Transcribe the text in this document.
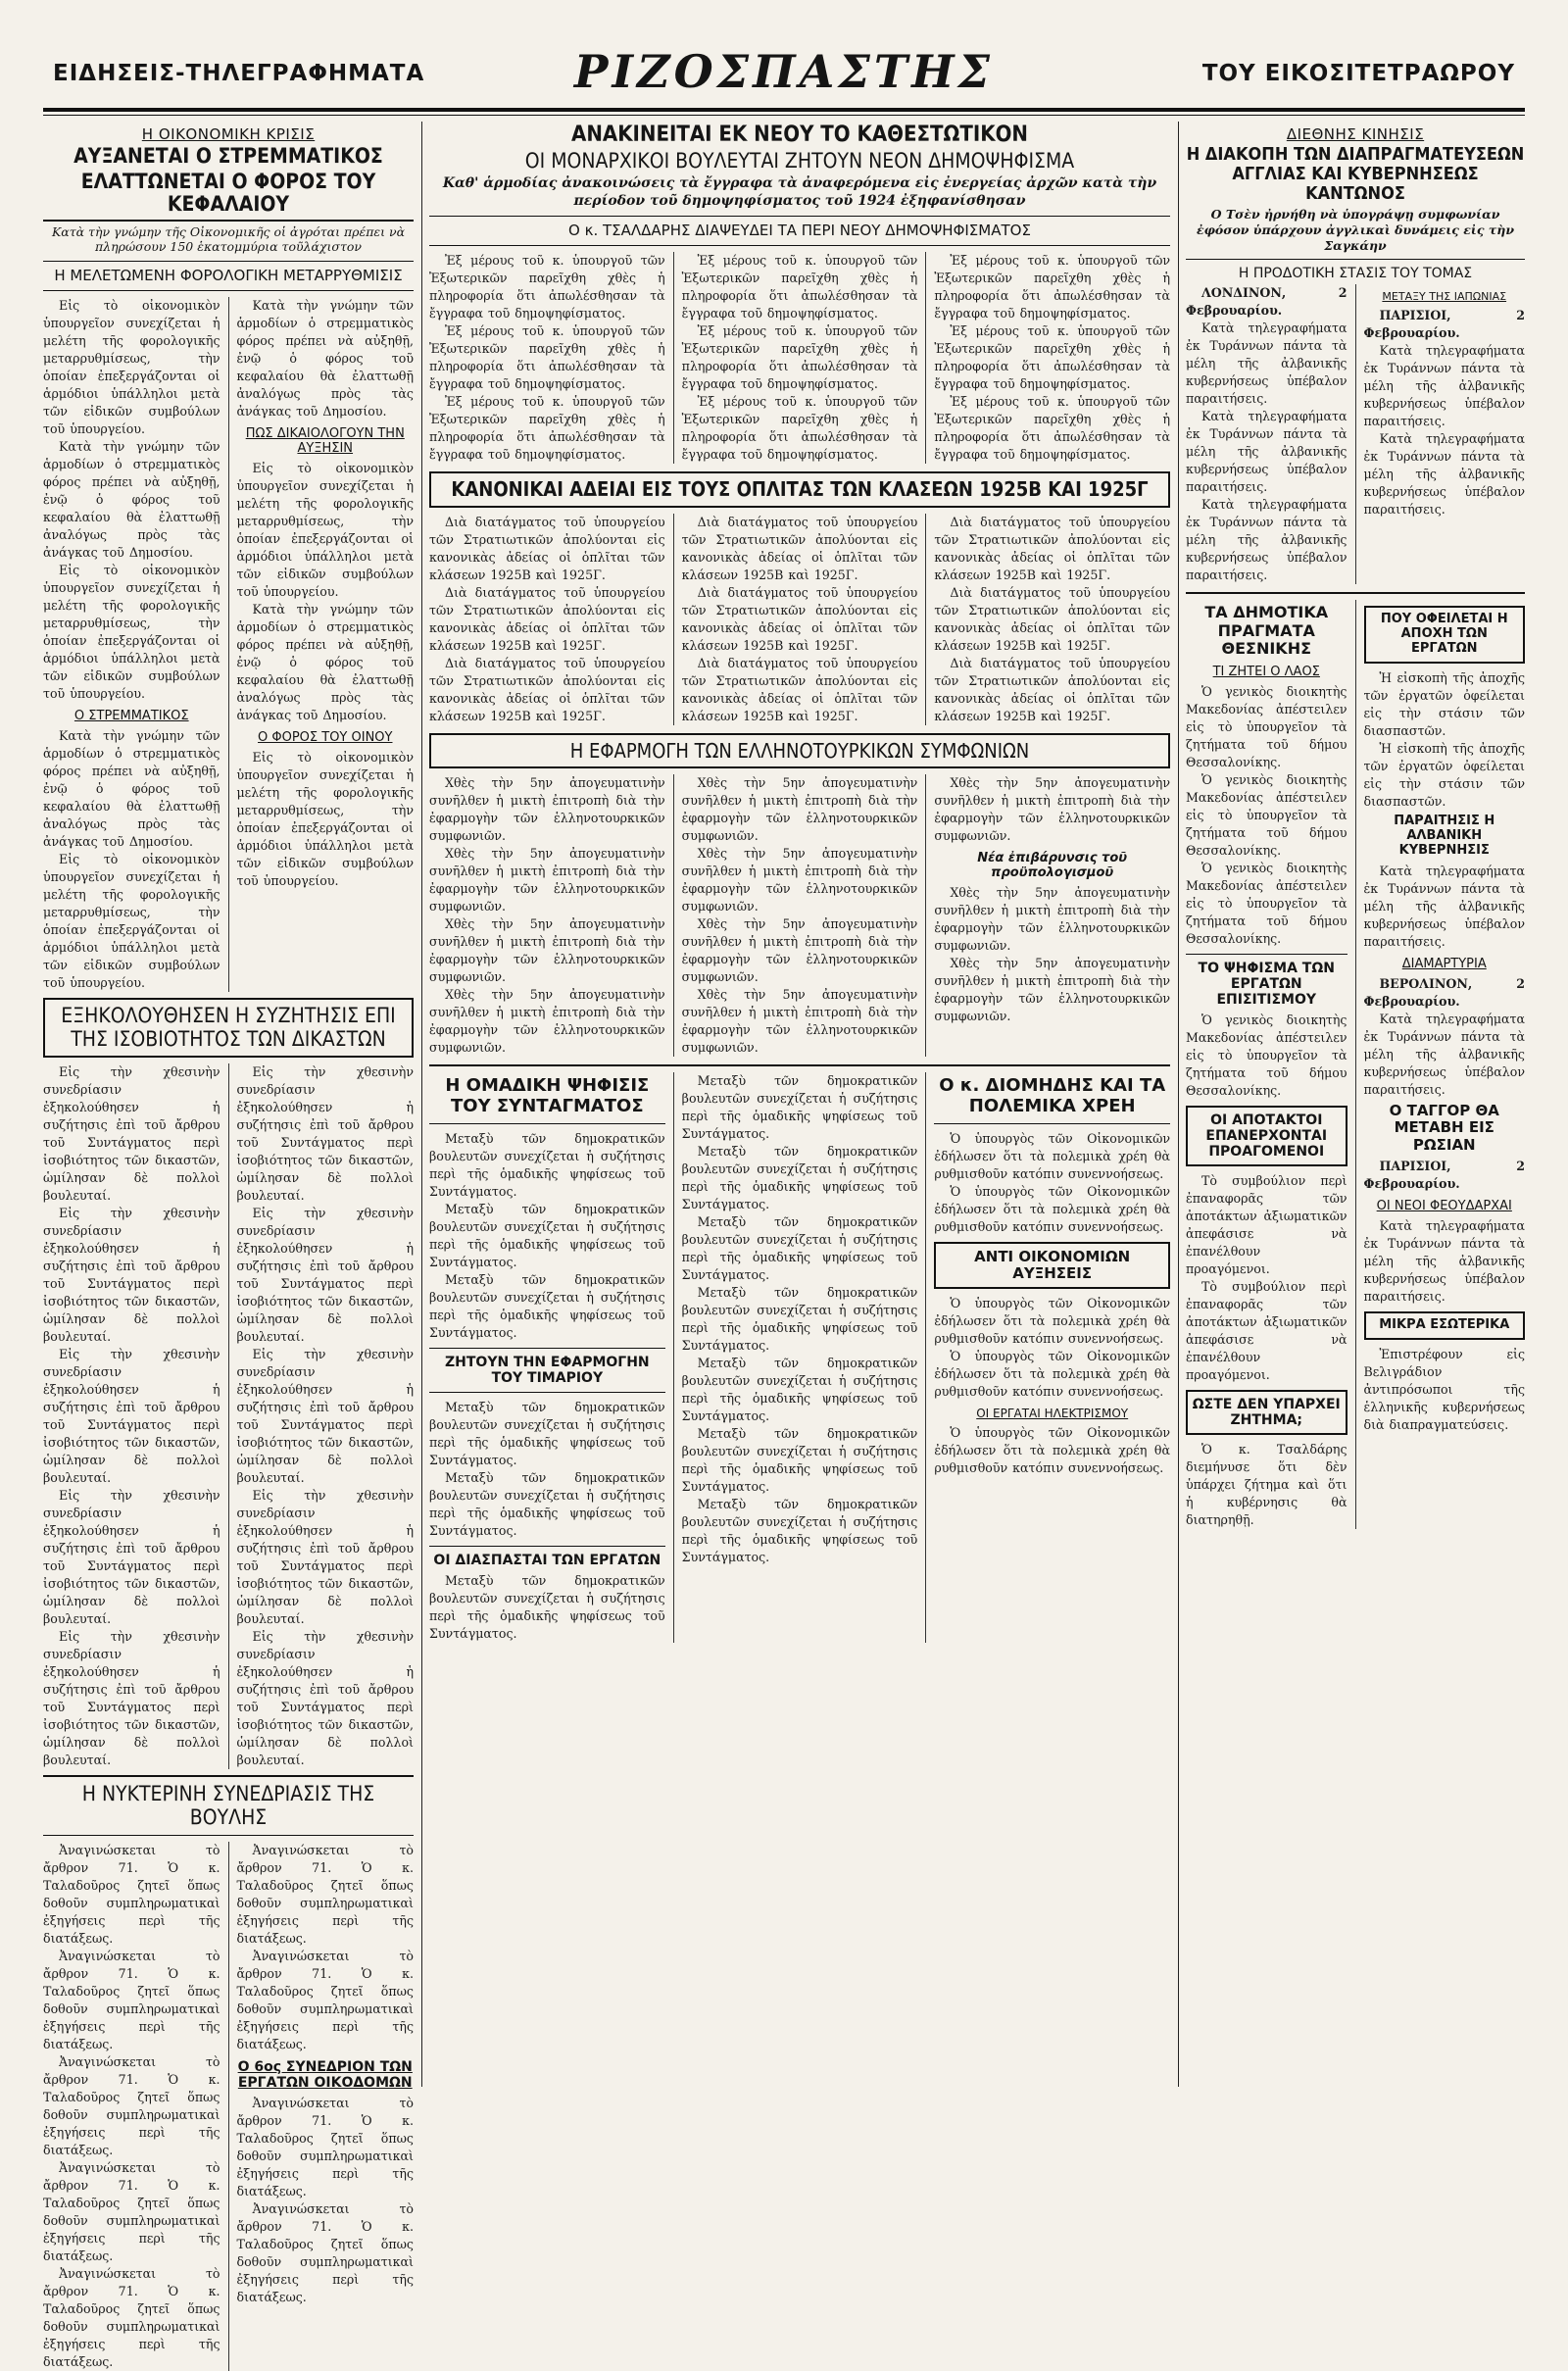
ΕΙΔΗΣΕΙΣ-ΤΗΛΕΓΡΑΦΗΜΑΤΑ	ΡΙΖΟΣΠΑΣΤΗΣ	ΤΟΥ ΕΙΚΟΣΙΤΕΤΡΑΩΡΟΥ
Η ΟΙΚΟΝΟΜΙΚΗ ΚΡΙΣΙΣ
ΑΥΞΑΝΕΤΑΙ Ο ΣΤΡΕΜΜΑΤΙΚΟΣ
ΕΛΑΤΤΩΝΕΤΑΙ Ο ΦΟΡΟΣ ΤΟΥ ΚΕΦΑΛΑΙΟΥ
Κατὰ τὴν γνώμην τῆς Οἰκονομικῆς οἱ ἀγρόται πρέπει νὰ πληρώσουν 150 ἑκατομμύρια τοῦλάχιστον
Η ΜΕΛΕΤΩΜΕΝΗ ΦΟΡΟΛΟΓΙΚΗ ΜΕΤΑΡΡΥΘΜΙΣΙΣ

Εἰς τὸ οἰκονομικὸν ὑπουργεῖον συνεχίζεται ἡ μελέτη τῆς φορολογικῆς μεταρρυθμίσεως, τὴν ὁποίαν ἐπεξεργάζονται οἱ ἁρμόδιοι ὑπάλληλοι μετὰ τῶν εἰδικῶν συμβούλων τοῦ ὑπουργείου.

Κατὰ τὴν γνώμην τῶν ἁρμοδίων ὁ στρεμματικὸς φόρος πρέπει νὰ αὐξηθῇ, ἐνῷ ὁ φόρος τοῦ κεφαλαίου θὰ ἐλαττωθῇ ἀναλόγως πρὸς τὰς ἀνάγκας τοῦ Δημοσίου.

Εἰς τὸ οἰκονομικὸν ὑπουργεῖον συνεχίζεται ἡ μελέτη τῆς φορολογικῆς μεταρρυθμίσεως, τὴν ὁποίαν ἐπεξεργάζονται οἱ ἁρμόδιοι ὑπάλληλοι μετὰ τῶν εἰδικῶν συμβούλων τοῦ ὑπουργείου.

Ο ΣΤΡΕΜΜΑΤΙΚΟΣ

Κατὰ τὴν γνώμην τῶν ἁρμοδίων ὁ στρεμματικὸς φόρος πρέπει νὰ αὐξηθῇ, ἐνῷ ὁ φόρος τοῦ κεφαλαίου θὰ ἐλαττωθῇ ἀναλόγως πρὸς τὰς ἀνάγκας τοῦ Δημοσίου.

Εἰς τὸ οἰκονομικὸν ὑπουργεῖον συνεχίζεται ἡ μελέτη τῆς φορολογικῆς μεταρρυθμίσεως, τὴν ὁποίαν ἐπεξεργάζονται οἱ ἁρμόδιοι ὑπάλληλοι μετὰ τῶν εἰδικῶν συμβούλων τοῦ ὑπουργείου.

Κατὰ τὴν γνώμην τῶν ἁρμοδίων ὁ στρεμματικὸς φόρος πρέπει νὰ αὐξηθῇ, ἐνῷ ὁ φόρος τοῦ κεφαλαίου θὰ ἐλαττωθῇ ἀναλόγως πρὸς τὰς ἀνάγκας τοῦ Δημοσίου.

ΠΩΣ ΔΙΚΑΙΟΛΟΓΟΥΝ ΤΗΝ ΑΥΞΗΣΙΝ

Εἰς τὸ οἰκονομικὸν ὑπουργεῖον συνεχίζεται ἡ μελέτη τῆς φορολογικῆς μεταρρυθμίσεως, τὴν ὁποίαν ἐπεξεργάζονται οἱ ἁρμόδιοι ὑπάλληλοι μετὰ τῶν εἰδικῶν συμβούλων τοῦ ὑπουργείου.

Κατὰ τὴν γνώμην τῶν ἁρμοδίων ὁ στρεμματικὸς φόρος πρέπει νὰ αὐξηθῇ, ἐνῷ ὁ φόρος τοῦ κεφαλαίου θὰ ἐλαττωθῇ ἀναλόγως πρὸς τὰς ἀνάγκας τοῦ Δημοσίου.

Ο ΦΟΡΟΣ ΤΟΥ ΟΙΝΟΥ

Εἰς τὸ οἰκονομικὸν ὑπουργεῖον συνεχίζεται ἡ μελέτη τῆς φορολογικῆς μεταρρυθμίσεως, τὴν ὁποίαν ἐπεξεργάζονται οἱ ἁρμόδιοι ὑπάλληλοι μετὰ τῶν εἰδικῶν συμβούλων τοῦ ὑπουργείου.

ΕΞΗΚΟΛΟΥΘΗΣΕΝ Η ΣΥΖΗΤΗΣΙΣ ΕΠΙ ΤΗΣ ΙΣΟΒΙΟΤΗΤΟΣ ΤΩΝ ΔΙΚΑΣΤΩΝ

Εἰς τὴν χθεσινὴν συνεδρίασιν ἐξηκολούθησεν ἡ συζήτησις ἐπὶ τοῦ ἄρθρου τοῦ Συντάγματος περὶ ἰσοβιότητος τῶν δικαστῶν, ὡμίλησαν δὲ πολλοὶ βουλευταί.

Εἰς τὴν χθεσινὴν συνεδρίασιν ἐξηκολούθησεν ἡ συζήτησις ἐπὶ τοῦ ἄρθρου τοῦ Συντάγματος περὶ ἰσοβιότητος τῶν δικαστῶν, ὡμίλησαν δὲ πολλοὶ βουλευταί.

Εἰς τὴν χθεσινὴν συνεδρίασιν ἐξηκολούθησεν ἡ συζήτησις ἐπὶ τοῦ ἄρθρου τοῦ Συντάγματος περὶ ἰσοβιότητος τῶν δικαστῶν, ὡμίλησαν δὲ πολλοὶ βουλευταί.

Εἰς τὴν χθεσινὴν συνεδρίασιν ἐξηκολούθησεν ἡ συζήτησις ἐπὶ τοῦ ἄρθρου τοῦ Συντάγματος περὶ ἰσοβιότητος τῶν δικαστῶν, ὡμίλησαν δὲ πολλοὶ βουλευταί.

Εἰς τὴν χθεσινὴν συνεδρίασιν ἐξηκολούθησεν ἡ συζήτησις ἐπὶ τοῦ ἄρθρου τοῦ Συντάγματος περὶ ἰσοβιότητος τῶν δικαστῶν, ὡμίλησαν δὲ πολλοὶ βουλευταί.

Εἰς τὴν χθεσινὴν συνεδρίασιν ἐξηκολούθησεν ἡ συζήτησις ἐπὶ τοῦ ἄρθρου τοῦ Συντάγματος περὶ ἰσοβιότητος τῶν δικαστῶν, ὡμίλησαν δὲ πολλοὶ βουλευταί.

Εἰς τὴν χθεσινὴν συνεδρίασιν ἐξηκολούθησεν ἡ συζήτησις ἐπὶ τοῦ ἄρθρου τοῦ Συντάγματος περὶ ἰσοβιότητος τῶν δικαστῶν, ὡμίλησαν δὲ πολλοὶ βουλευταί.

Εἰς τὴν χθεσινὴν συνεδρίασιν ἐξηκολούθησεν ἡ συζήτησις ἐπὶ τοῦ ἄρθρου τοῦ Συντάγματος περὶ ἰσοβιότητος τῶν δικαστῶν, ὡμίλησαν δὲ πολλοὶ βουλευταί.

Εἰς τὴν χθεσινὴν συνεδρίασιν ἐξηκολούθησεν ἡ συζήτησις ἐπὶ τοῦ ἄρθρου τοῦ Συντάγματος περὶ ἰσοβιότητος τῶν δικαστῶν, ὡμίλησαν δὲ πολλοὶ βουλευταί.

Εἰς τὴν χθεσινὴν συνεδρίασιν ἐξηκολούθησεν ἡ συζήτησις ἐπὶ τοῦ ἄρθρου τοῦ Συντάγματος περὶ ἰσοβιότητος τῶν δικαστῶν, ὡμίλησαν δὲ πολλοὶ βουλευταί.

Η ΝΥΚΤΕΡΙΝΗ ΣΥΝΕΔΡΙΑΣΙΣ ΤΗΣ ΒΟΥΛΗΣ

Ἀναγινώσκεται τὸ ἄρθρον 71. Ὁ κ. Ταλαδοῦρος ζητεῖ ὅπως δοθοῦν συμπληρωματικαὶ ἐξηγήσεις περὶ τῆς διατάξεως.

Ἀναγινώσκεται τὸ ἄρθρον 71. Ὁ κ. Ταλαδοῦρος ζητεῖ ὅπως δοθοῦν συμπληρωματικαὶ ἐξηγήσεις περὶ τῆς διατάξεως.

Ἀναγινώσκεται τὸ ἄρθρον 71. Ὁ κ. Ταλαδοῦρος ζητεῖ ὅπως δοθοῦν συμπληρωματικαὶ ἐξηγήσεις περὶ τῆς διατάξεως.

Ἀναγινώσκεται τὸ ἄρθρον 71. Ὁ κ. Ταλαδοῦρος ζητεῖ ὅπως δοθοῦν συμπληρωματικαὶ ἐξηγήσεις περὶ τῆς διατάξεως.

Ἀναγινώσκεται τὸ ἄρθρον 71. Ὁ κ. Ταλαδοῦρος ζητεῖ ὅπως δοθοῦν συμπληρωματικαὶ ἐξηγήσεις περὶ τῆς διατάξεως.

Ἀναγινώσκεται τὸ ἄρθρον 71. Ὁ κ. Ταλαδοῦρος ζητεῖ ὅπως δοθοῦν συμπληρωματικαὶ ἐξηγήσεις περὶ τῆς διατάξεως.

Ἀναγινώσκεται τὸ ἄρθρον 71. Ὁ κ. Ταλαδοῦρος ζητεῖ ὅπως δοθοῦν συμπληρωματικαὶ ἐξηγήσεις περὶ τῆς διατάξεως.

Ο 6ος ΣΥΝΕΔΡΙΟΝ ΤΩΝ ΕΡΓΑΤΩΝ ΟΙΚΟΔΟΜΩΝ

Ἀναγινώσκεται τὸ ἄρθρον 71. Ὁ κ. Ταλαδοῦρος ζητεῖ ὅπως δοθοῦν συμπληρωματικαὶ ἐξηγήσεις περὶ τῆς διατάξεως.

Ἀναγινώσκεται τὸ ἄρθρον 71. Ὁ κ. Ταλαδοῦρος ζητεῖ ὅπως δοθοῦν συμπληρωματικαὶ ἐξηγήσεις περὶ τῆς διατάξεως.

ΑΝΑΚΙΝΕΙΤΑΙ ΕΚ ΝΕΟΥ ΤΟ ΚΑΘΕΣΤΩΤΙΚΟΝ
ΟΙ ΜΟΝΑΡΧΙΚΟΙ ΒΟΥΛΕΥΤΑΙ ΖΗΤΟΥΝ ΝΕΟΝ ΔΗΜΟΨΗΦΙΣΜΑ
Καθ' ἁρμοδίας ἀνακοινώσεις τὰ ἔγγραφα τὰ ἀναφερόμενα εἰς ἐνεργείας ἀρχῶν κατὰ τὴν περίοδον τοῦ δημοψηφίσματος τοῦ 1924 ἐξηφανίσθησαν
Ο κ. ΤΣΑΛΔΑΡΗΣ ΔΙΑΨΕΥΔΕΙ ΤΑ ΠΕΡΙ ΝΕΟΥ ΔΗΜΟΨΗΦΙΣΜΑΤΟΣ

Ἐξ μέρους τοῦ κ. ὑπουργοῦ τῶν Ἐξωτερικῶν παρεῖχθη χθὲς ἡ πληροφορία ὅτι ἀπωλέσθησαν τὰ ἔγγραφα τοῦ δημοψηφίσματος.

Ἐξ μέρους τοῦ κ. ὑπουργοῦ τῶν Ἐξωτερικῶν παρεῖχθη χθὲς ἡ πληροφορία ὅτι ἀπωλέσθησαν τὰ ἔγγραφα τοῦ δημοψηφίσματος.

Ἐξ μέρους τοῦ κ. ὑπουργοῦ τῶν Ἐξωτερικῶν παρεῖχθη χθὲς ἡ πληροφορία ὅτι ἀπωλέσθησαν τὰ ἔγγραφα τοῦ δημοψηφίσματος.

Ἐξ μέρους τοῦ κ. ὑπουργοῦ τῶν Ἐξωτερικῶν παρεῖχθη χθὲς ἡ πληροφορία ὅτι ἀπωλέσθησαν τὰ ἔγγραφα τοῦ δημοψηφίσματος.

Ἐξ μέρους τοῦ κ. ὑπουργοῦ τῶν Ἐξωτερικῶν παρεῖχθη χθὲς ἡ πληροφορία ὅτι ἀπωλέσθησαν τὰ ἔγγραφα τοῦ δημοψηφίσματος.

Ἐξ μέρους τοῦ κ. ὑπουργοῦ τῶν Ἐξωτερικῶν παρεῖχθη χθὲς ἡ πληροφορία ὅτι ἀπωλέσθησαν τὰ ἔγγραφα τοῦ δημοψηφίσματος.

Ἐξ μέρους τοῦ κ. ὑπουργοῦ τῶν Ἐξωτερικῶν παρεῖχθη χθὲς ἡ πληροφορία ὅτι ἀπωλέσθησαν τὰ ἔγγραφα τοῦ δημοψηφίσματος.

Ἐξ μέρους τοῦ κ. ὑπουργοῦ τῶν Ἐξωτερικῶν παρεῖχθη χθὲς ἡ πληροφορία ὅτι ἀπωλέσθησαν τὰ ἔγγραφα τοῦ δημοψηφίσματος.

Ἐξ μέρους τοῦ κ. ὑπουργοῦ τῶν Ἐξωτερικῶν παρεῖχθη χθὲς ἡ πληροφορία ὅτι ἀπωλέσθησαν τὰ ἔγγραφα τοῦ δημοψηφίσματος.

ΚΑΝΟΝΙΚΑΙ ΑΔΕΙΑΙ ΕΙΣ ΤΟΥΣ ΟΠΛΙΤΑΣ ΤΩΝ ΚΛΑΣΕΩΝ 1925Β ΚΑΙ 1925Γ

Διὰ διατάγματος τοῦ ὑπουργείου τῶν Στρατιωτικῶν ἀπολύονται εἰς κανονικὰς ἀδείας οἱ ὁπλῖται τῶν κλάσεων 1925Β καὶ 1925Γ.

Διὰ διατάγματος τοῦ ὑπουργείου τῶν Στρατιωτικῶν ἀπολύονται εἰς κανονικὰς ἀδείας οἱ ὁπλῖται τῶν κλάσεων 1925Β καὶ 1925Γ.

Διὰ διατάγματος τοῦ ὑπουργείου τῶν Στρατιωτικῶν ἀπολύονται εἰς κανονικὰς ἀδείας οἱ ὁπλῖται τῶν κλάσεων 1925Β καὶ 1925Γ.

Διὰ διατάγματος τοῦ ὑπουργείου τῶν Στρατιωτικῶν ἀπολύονται εἰς κανονικὰς ἀδείας οἱ ὁπλῖται τῶν κλάσεων 1925Β καὶ 1925Γ.

Διὰ διατάγματος τοῦ ὑπουργείου τῶν Στρατιωτικῶν ἀπολύονται εἰς κανονικὰς ἀδείας οἱ ὁπλῖται τῶν κλάσεων 1925Β καὶ 1925Γ.

Διὰ διατάγματος τοῦ ὑπουργείου τῶν Στρατιωτικῶν ἀπολύονται εἰς κανονικὰς ἀδείας οἱ ὁπλῖται τῶν κλάσεων 1925Β καὶ 1925Γ.

Διὰ διατάγματος τοῦ ὑπουργείου τῶν Στρατιωτικῶν ἀπολύονται εἰς κανονικὰς ἀδείας οἱ ὁπλῖται τῶν κλάσεων 1925Β καὶ 1925Γ.

Διὰ διατάγματος τοῦ ὑπουργείου τῶν Στρατιωτικῶν ἀπολύονται εἰς κανονικὰς ἀδείας οἱ ὁπλῖται τῶν κλάσεων 1925Β καὶ 1925Γ.

Διὰ διατάγματος τοῦ ὑπουργείου τῶν Στρατιωτικῶν ἀπολύονται εἰς κανονικὰς ἀδείας οἱ ὁπλῖται τῶν κλάσεων 1925Β καὶ 1925Γ.

Η ΕΦΑΡΜΟΓΗ ΤΩΝ ΕΛΛΗΝΟΤΟΥΡΚΙΚΩΝ ΣΥΜΦΩΝΙΩΝ

Χθὲς τὴν 5ην ἀπογευματινὴν συνῆλθεν ἡ μικτὴ ἐπιτροπὴ διὰ τὴν ἐφαρμογὴν τῶν ἑλληνοτουρκικῶν συμφωνιῶν.

Χθὲς τὴν 5ην ἀπογευματινὴν συνῆλθεν ἡ μικτὴ ἐπιτροπὴ διὰ τὴν ἐφαρμογὴν τῶν ἑλληνοτουρκικῶν συμφωνιῶν.

Χθὲς τὴν 5ην ἀπογευματινὴν συνῆλθεν ἡ μικτὴ ἐπιτροπὴ διὰ τὴν ἐφαρμογὴν τῶν ἑλληνοτουρκικῶν συμφωνιῶν.

Χθὲς τὴν 5ην ἀπογευματινὴν συνῆλθεν ἡ μικτὴ ἐπιτροπὴ διὰ τὴν ἐφαρμογὴν τῶν ἑλληνοτουρκικῶν συμφωνιῶν.

Χθὲς τὴν 5ην ἀπογευματινὴν συνῆλθεν ἡ μικτὴ ἐπιτροπὴ διὰ τὴν ἐφαρμογὴν τῶν ἑλληνοτουρκικῶν συμφωνιῶν.

Χθὲς τὴν 5ην ἀπογευματινὴν συνῆλθεν ἡ μικτὴ ἐπιτροπὴ διὰ τὴν ἐφαρμογὴν τῶν ἑλληνοτουρκικῶν συμφωνιῶν.

Χθὲς τὴν 5ην ἀπογευματινὴν συνῆλθεν ἡ μικτὴ ἐπιτροπὴ διὰ τὴν ἐφαρμογὴν τῶν ἑλληνοτουρκικῶν συμφωνιῶν.

Χθὲς τὴν 5ην ἀπογευματινὴν συνῆλθεν ἡ μικτὴ ἐπιτροπὴ διὰ τὴν ἐφαρμογὴν τῶν ἑλληνοτουρκικῶν συμφωνιῶν.

Χθὲς τὴν 5ην ἀπογευματινὴν συνῆλθεν ἡ μικτὴ ἐπιτροπὴ διὰ τὴν ἐφαρμογὴν τῶν ἑλληνοτουρκικῶν συμφωνιῶν.

Νέα ἐπιβάρυνσις τοῦ προϋπολογισμοῦ

Χθὲς τὴν 5ην ἀπογευματινὴν συνῆλθεν ἡ μικτὴ ἐπιτροπὴ διὰ τὴν ἐφαρμογὴν τῶν ἑλληνοτουρκικῶν συμφωνιῶν.

Χθὲς τὴν 5ην ἀπογευματινὴν συνῆλθεν ἡ μικτὴ ἐπιτροπὴ διὰ τὴν ἐφαρμογὴν τῶν ἑλληνοτουρκικῶν συμφωνιῶν.

Η ΟΜΑΔΙΚΗ ΨΗΦΙΣΙΣ ΤΟΥ ΣΥΝΤΑΓΜΑΤΟΣ

Μεταξὺ τῶν δημοκρατικῶν βουλευτῶν συνεχίζεται ἡ συζήτησις περὶ τῆς ὁμαδικῆς ψηφίσεως τοῦ Συντάγματος.

Μεταξὺ τῶν δημοκρατικῶν βουλευτῶν συνεχίζεται ἡ συζήτησις περὶ τῆς ὁμαδικῆς ψηφίσεως τοῦ Συντάγματος.

Μεταξὺ τῶν δημοκρατικῶν βουλευτῶν συνεχίζεται ἡ συζήτησις περὶ τῆς ὁμαδικῆς ψηφίσεως τοῦ Συντάγματος.

ΖΗΤΟΥΝ ΤΗΝ ΕΦΑΡΜΟΓΗΝ ΤΟΥ ΤΙΜΑΡΙΟΥ

Μεταξὺ τῶν δημοκρατικῶν βουλευτῶν συνεχίζεται ἡ συζήτησις περὶ τῆς ὁμαδικῆς ψηφίσεως τοῦ Συντάγματος.

Μεταξὺ τῶν δημοκρατικῶν βουλευτῶν συνεχίζεται ἡ συζήτησις περὶ τῆς ὁμαδικῆς ψηφίσεως τοῦ Συντάγματος.

ΟΙ ΔΙΑΣΠΑΣΤΑΙ ΤΩΝ ΕΡΓΑΤΩΝ

Μεταξὺ τῶν δημοκρατικῶν βουλευτῶν συνεχίζεται ἡ συζήτησις περὶ τῆς ὁμαδικῆς ψηφίσεως τοῦ Συντάγματος.

Μεταξὺ τῶν δημοκρατικῶν βουλευτῶν συνεχίζεται ἡ συζήτησις περὶ τῆς ὁμαδικῆς ψηφίσεως τοῦ Συντάγματος.

Μεταξὺ τῶν δημοκρατικῶν βουλευτῶν συνεχίζεται ἡ συζήτησις περὶ τῆς ὁμαδικῆς ψηφίσεως τοῦ Συντάγματος.

Μεταξὺ τῶν δημοκρατικῶν βουλευτῶν συνεχίζεται ἡ συζήτησις περὶ τῆς ὁμαδικῆς ψηφίσεως τοῦ Συντάγματος.

Μεταξὺ τῶν δημοκρατικῶν βουλευτῶν συνεχίζεται ἡ συζήτησις περὶ τῆς ὁμαδικῆς ψηφίσεως τοῦ Συντάγματος.

Μεταξὺ τῶν δημοκρατικῶν βουλευτῶν συνεχίζεται ἡ συζήτησις περὶ τῆς ὁμαδικῆς ψηφίσεως τοῦ Συντάγματος.

Μεταξὺ τῶν δημοκρατικῶν βουλευτῶν συνεχίζεται ἡ συζήτησις περὶ τῆς ὁμαδικῆς ψηφίσεως τοῦ Συντάγματος.

Μεταξὺ τῶν δημοκρατικῶν βουλευτῶν συνεχίζεται ἡ συζήτησις περὶ τῆς ὁμαδικῆς ψηφίσεως τοῦ Συντάγματος.

Ο κ. ΔΙΟΜΗΔΗΣ ΚΑΙ ΤΑ ΠΟΛΕΜΙΚΑ ΧΡΕΗ

Ὁ ὑπουργὸς τῶν Οἰκονομικῶν ἐδήλωσεν ὅτι τὰ πολεμικὰ χρέη θὰ ρυθμισθοῦν κατόπιν συνεννοήσεως.

Ὁ ὑπουργὸς τῶν Οἰκονομικῶν ἐδήλωσεν ὅτι τὰ πολεμικὰ χρέη θὰ ρυθμισθοῦν κατόπιν συνεννοήσεως.

ΑΝΤΙ ΟΙΚΟΝΟΜΙΩΝ ΑΥΞΗΣΕΙΣ

Ὁ ὑπουργὸς τῶν Οἰκονομικῶν ἐδήλωσεν ὅτι τὰ πολεμικὰ χρέη θὰ ρυθμισθοῦν κατόπιν συνεννοήσεως.

Ὁ ὑπουργὸς τῶν Οἰκονομικῶν ἐδήλωσεν ὅτι τὰ πολεμικὰ χρέη θὰ ρυθμισθοῦν κατόπιν συνεννοήσεως.

ΟΙ ΕΡΓΑΤΑΙ ΗΛΕΚΤΡΙΣΜΟΥ

Ὁ ὑπουργὸς τῶν Οἰκονομικῶν ἐδήλωσεν ὅτι τὰ πολεμικὰ χρέη θὰ ρυθμισθοῦν κατόπιν συνεννοήσεως.

ΔΙΕΘΝΗΣ ΚΙΝΗΣΙΣ
Η ΔΙΑΚΟΠΗ ΤΩΝ ΔΙΑΠΡΑΓΜΑΤΕΥΣΕΩΝ ΑΓΓΛΙΑΣ ΚΑΙ ΚΥΒΕΡΝΗΣΕΩΣ ΚΑΝΤΩΝΟΣ
Ο Τσὲν ἠρνήθη νὰ ὑπογράψῃ συμφωνίαν ἐφόσον ὑπάρχουν ἀγγλικαὶ δυνάμεις εἰς τὴν Σαγκάην
Η ΠΡΟΔΟΤΙΚΗ ΣΤΑΣΙΣ ΤΟΥ ΤΟΜΑΣ

ΛΟΝΔΙΝΟΝ, 2 Φεβρουαρίου.

Κατὰ τηλεγραφήματα ἐκ Τυράννων πάντα τὰ μέλη τῆς ἀλβανικῆς κυβερνήσεως ὑπέβαλον παραιτήσεις.

Κατὰ τηλεγραφήματα ἐκ Τυράννων πάντα τὰ μέλη τῆς ἀλβανικῆς κυβερνήσεως ὑπέβαλον παραιτήσεις.

Κατὰ τηλεγραφήματα ἐκ Τυράννων πάντα τὰ μέλη τῆς ἀλβανικῆς κυβερνήσεως ὑπέβαλον παραιτήσεις.

ΜΕΤΑΞΥ ΤΗΣ ΙΑΠΩΝΙΑΣ

ΠΑΡΙΣΙΟΙ, 2 Φεβρουαρίου.

Κατὰ τηλεγραφήματα ἐκ Τυράννων πάντα τὰ μέλη τῆς ἀλβανικῆς κυβερνήσεως ὑπέβαλον παραιτήσεις.

Κατὰ τηλεγραφήματα ἐκ Τυράννων πάντα τὰ μέλη τῆς ἀλβανικῆς κυβερνήσεως ὑπέβαλον παραιτήσεις.

ΤΑ ΔΗΜΟΤΙΚΑ ΠΡΑΓΜΑΤΑ ΘΕΣΝΙΚΗΣ
ΤΙ ΖΗΤΕΙ Ο ΛΑΟΣ

Ὁ γενικὸς διοικητὴς Μακεδονίας ἀπέστειλεν εἰς τὸ ὑπουργεῖον τὰ ζητήματα τοῦ δήμου Θεσσαλονίκης.

Ὁ γενικὸς διοικητὴς Μακεδονίας ἀπέστειλεν εἰς τὸ ὑπουργεῖον τὰ ζητήματα τοῦ δήμου Θεσσαλονίκης.

Ὁ γενικὸς διοικητὴς Μακεδονίας ἀπέστειλεν εἰς τὸ ὑπουργεῖον τὰ ζητήματα τοῦ δήμου Θεσσαλονίκης.

ΤΟ ΨΗΦΙΣΜΑ ΤΩΝ ΕΡΓΑΤΩΝ ΕΠΙΣΙΤΙΣΜΟΥ

Ὁ γενικὸς διοικητὴς Μακεδονίας ἀπέστειλεν εἰς τὸ ὑπουργεῖον τὰ ζητήματα τοῦ δήμου Θεσσαλονίκης.

ΟΙ ΑΠΟΤΑΚΤΟΙ ΕΠΑΝΕΡΧΟΝΤΑΙ ΠΡΟΑΓΟΜΕΝΟΙ

Τὸ συμβούλιον περὶ ἐπαναφορᾶς τῶν ἀποτάκτων ἀξιωματικῶν ἀπεφάσισε νὰ ἐπανέλθουν προαγόμενοι.

Τὸ συμβούλιον περὶ ἐπαναφορᾶς τῶν ἀποτάκτων ἀξιωματικῶν ἀπεφάσισε νὰ ἐπανέλθουν προαγόμενοι.

ΩΣΤΕ ΔΕΝ ΥΠΑΡΧΕΙ ΖΗΤΗΜΑ;

Ὁ κ. Τσαλδάρης διεμήνυσε ὅτι δὲν ὑπάρχει ζήτημα καὶ ὅτι ἡ κυβέρνησις θὰ διατηρηθῇ.

ΠΟΥ ΟΦΕΙΛΕΤΑΙ Η ΑΠΟΧΗ ΤΩΝ ΕΡΓΑΤΩΝ

Ἡ εἰσκοπὴ τῆς ἀποχῆς τῶν ἐργατῶν ὀφείλεται εἰς τὴν στάσιν τῶν διασπαστῶν.

Ἡ εἰσκοπὴ τῆς ἀποχῆς τῶν ἐργατῶν ὀφείλεται εἰς τὴν στάσιν τῶν διασπαστῶν.

ΠΑΡΑΙΤΗΣΙΣ Η ΑΛΒΑΝΙΚΗ ΚΥΒΕΡΝΗΣΙΣ

Κατὰ τηλεγραφήματα ἐκ Τυράννων πάντα τὰ μέλη τῆς ἀλβανικῆς κυβερνήσεως ὑπέβαλον παραιτήσεις.

ΔΙΑΜΑΡΤΥΡΙΑ

ΒΕΡΟΛΙΝΟΝ, 2 Φεβρουαρίου.

Κατὰ τηλεγραφήματα ἐκ Τυράννων πάντα τὰ μέλη τῆς ἀλβανικῆς κυβερνήσεως ὑπέβαλον παραιτήσεις.

Ο ΤΑΓΓΟΡ ΘΑ ΜΕΤΑΒΗ ΕΙΣ ΡΩΣΙΑΝ

ΠΑΡΙΣΙΟΙ, 2 Φεβρουαρίου.

ΟΙ ΝΕΟΙ ΦΕΟΥΔΑΡΧΑΙ

Κατὰ τηλεγραφήματα ἐκ Τυράννων πάντα τὰ μέλη τῆς ἀλβανικῆς κυβερνήσεως ὑπέβαλον παραιτήσεις.

ΜΙΚΡΑ ΕΣΩΤΕΡΙΚΑ

Ἐπιστρέφουν εἰς Βελιγράδιον ἀντιπρόσωποι τῆς ἑλληνικῆς κυβερνήσεως διὰ διαπραγματεύσεις.
